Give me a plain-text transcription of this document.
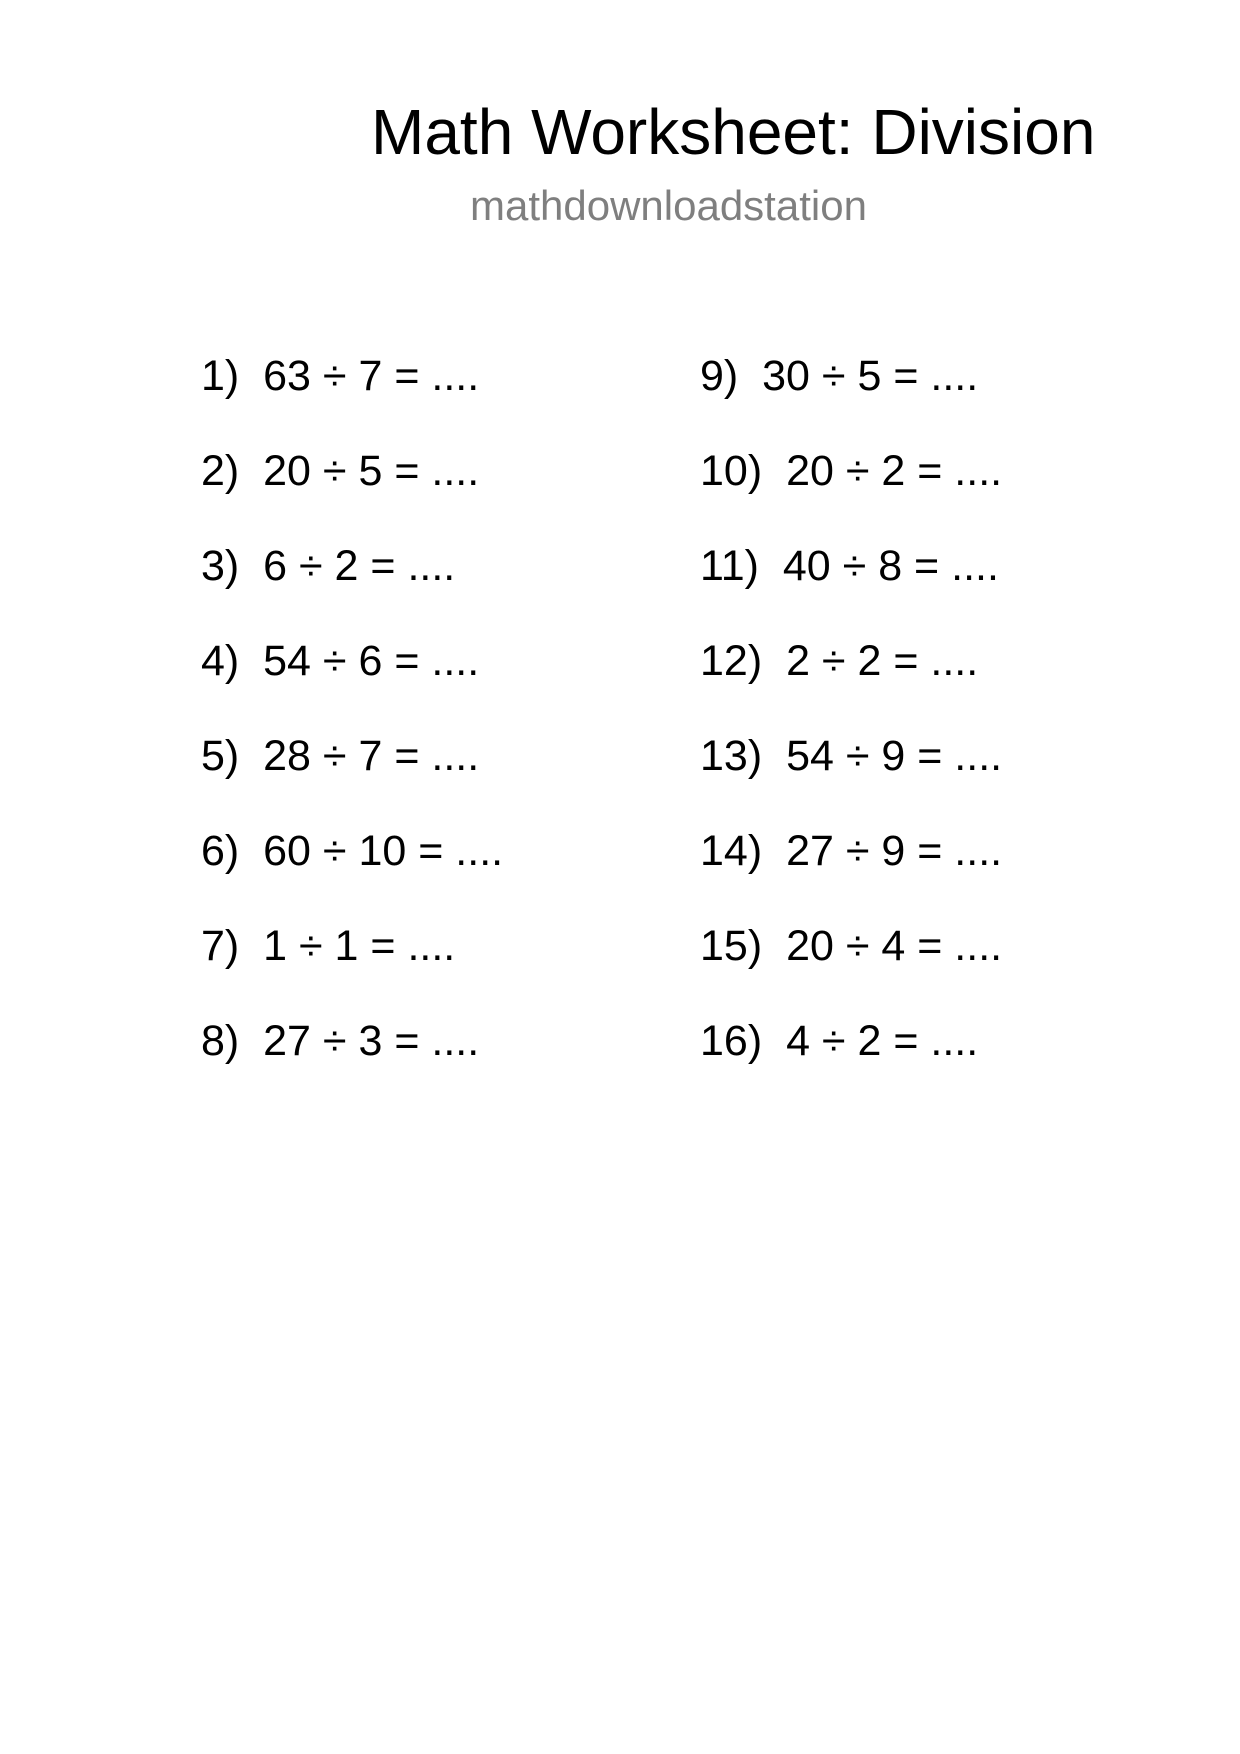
Math Worksheet: Division
mathdownloadstation
1) 63 ÷ 7 = ....
2) 20 ÷ 5 = ....
3) 6 ÷ 2 = ....
4) 54 ÷ 6 = ....
5) 28 ÷ 7 = ....
6) 60 ÷ 10 = ....
7) 1 ÷ 1 = ....
8) 27 ÷ 3 = ....
9) 30 ÷ 5 = ....
10) 20 ÷ 2 = ....
11) 40 ÷ 8 = ....
12) 2 ÷ 2 = ....
13) 54 ÷ 9 = ....
14) 27 ÷ 9 = ....
15) 20 ÷ 4 = ....
16) 4 ÷ 2 = ....
